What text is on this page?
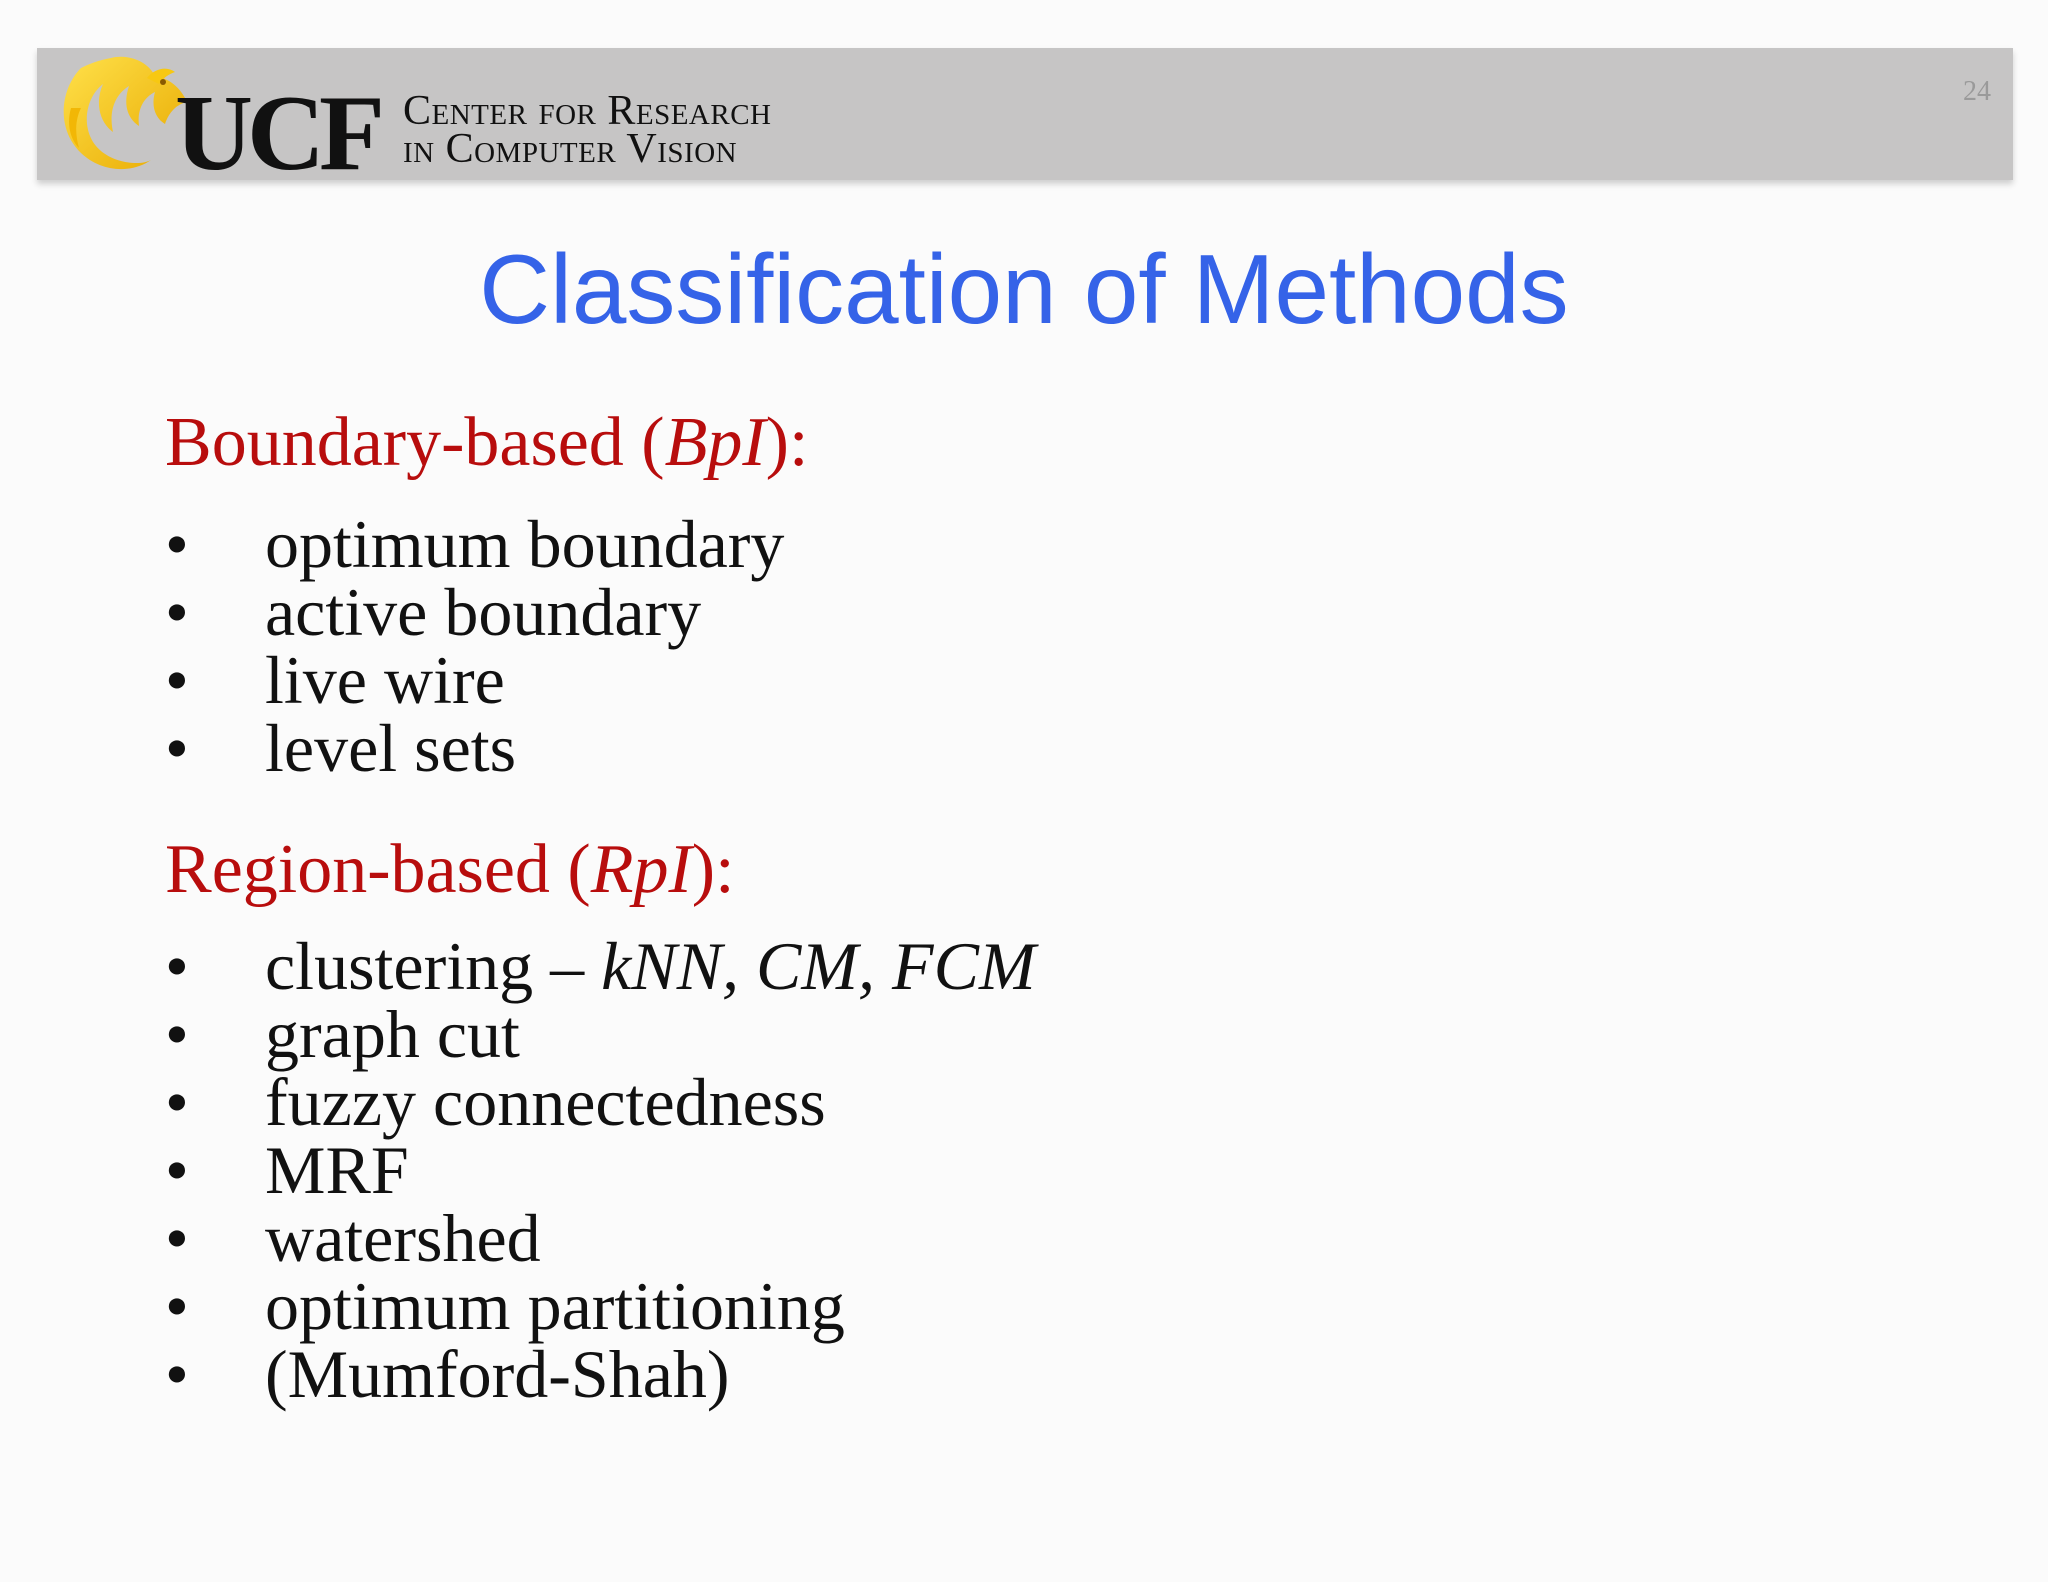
UCF Center for Research
in Computer Vision
24
Classification of Methods
Boundary-based (BpI):
• optimum boundary
• active boundary
• live wire
• level sets
Region-based (RpI):
• clustering – kNN, CM, FCM
• graph cut
• fuzzy connectedness
• MRF
• watershed
• optimum partitioning
• (Mumford-Shah)
